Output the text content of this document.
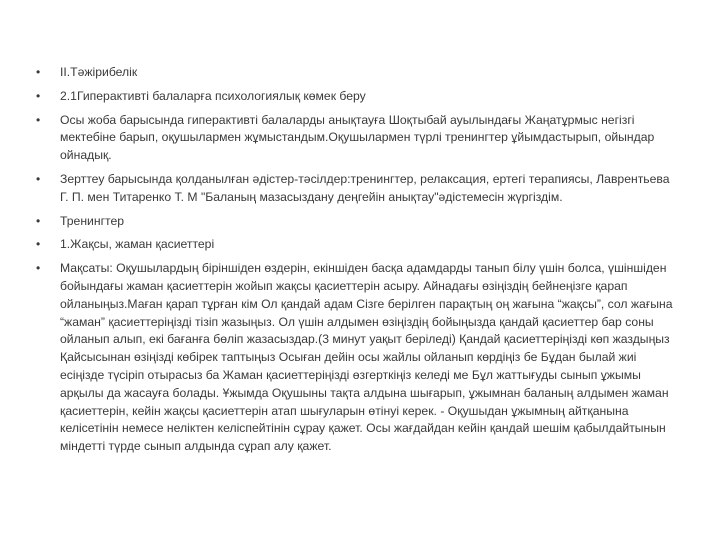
•	II.Тәжірибелік
•	2.1Гиперактивті балаларға психологиялық көмек беру
•	Осы жоба барысында гиперактивті балаларды анықтауға Шоқтыбай ауылындағы Жаңатұрмыс негізгі мектебіне барып, оқушылармен жұмыстандым.Оқушылармен түрлі тренингтер ұйымдастырып, ойындар ойнадық.
•	Зерттеу барысында қолданылған әдістер-тәсілдер:тренингтер, релаксация, ертегі терапиясы, Лаврентьева Г. П. мен Титаренко Т. М "Баланың мазасыздану деңгейін анықтау"әдістемесін жүргіздім.
•	Тренингтер
•	1.Жақсы, жаман қасиеттері
•	Мақсаты: Оқушылардың біріншіден өздерін, екіншіден басқа адамдарды танып білу үшін болса, үшіншіден бойындағы жаман қасиеттерін жойып жақсы қасиеттерін асыру. Айнадағы өзіңіздің бейнеңізге қарап ойланыңыз.Маған қарап тұрған кім Ол қандай адам Сізге берілген парақтың оң жағына “жақсы”, сол жағына “жаман” қасиеттеріңізді тізіп жазыңыз. Ол үшін алдымен өзіңіздің бойыңызда қандай қасиеттер бар соны ойланып алып, екі бағанға бөліп жазасыздар.(3 минут уақыт беріледі) Қандай қасиеттеріңізді көп жаздыңыз Қайсысынан өзіңізді көбірек таптыңыз Осыған дейін осы жайлы ойланып көрдіңіз бе Бұдан былай жиі есіңізде түсіріп отырасыз ба Жаман қасиеттеріңізді өзгерткіңіз келеді ме Бұл жаттығуды сынып ұжымы арқылы да жасауға болады. Ұжымда Оқушыны тақта алдына шығарып, ұжымнан баланың алдымен жаман қасиеттерін, кейін жақсы қасиеттерін атап шығуларын өтінуі керек. - Оқушыдан ұжымның айтқанына келісетінін немесе неліктен келіспейтінін сұрау қажет. Осы жағдайдан кейін қандай шешім қабылдайтынын міндетті түрде сынып алдында сұрап алу қажет.
